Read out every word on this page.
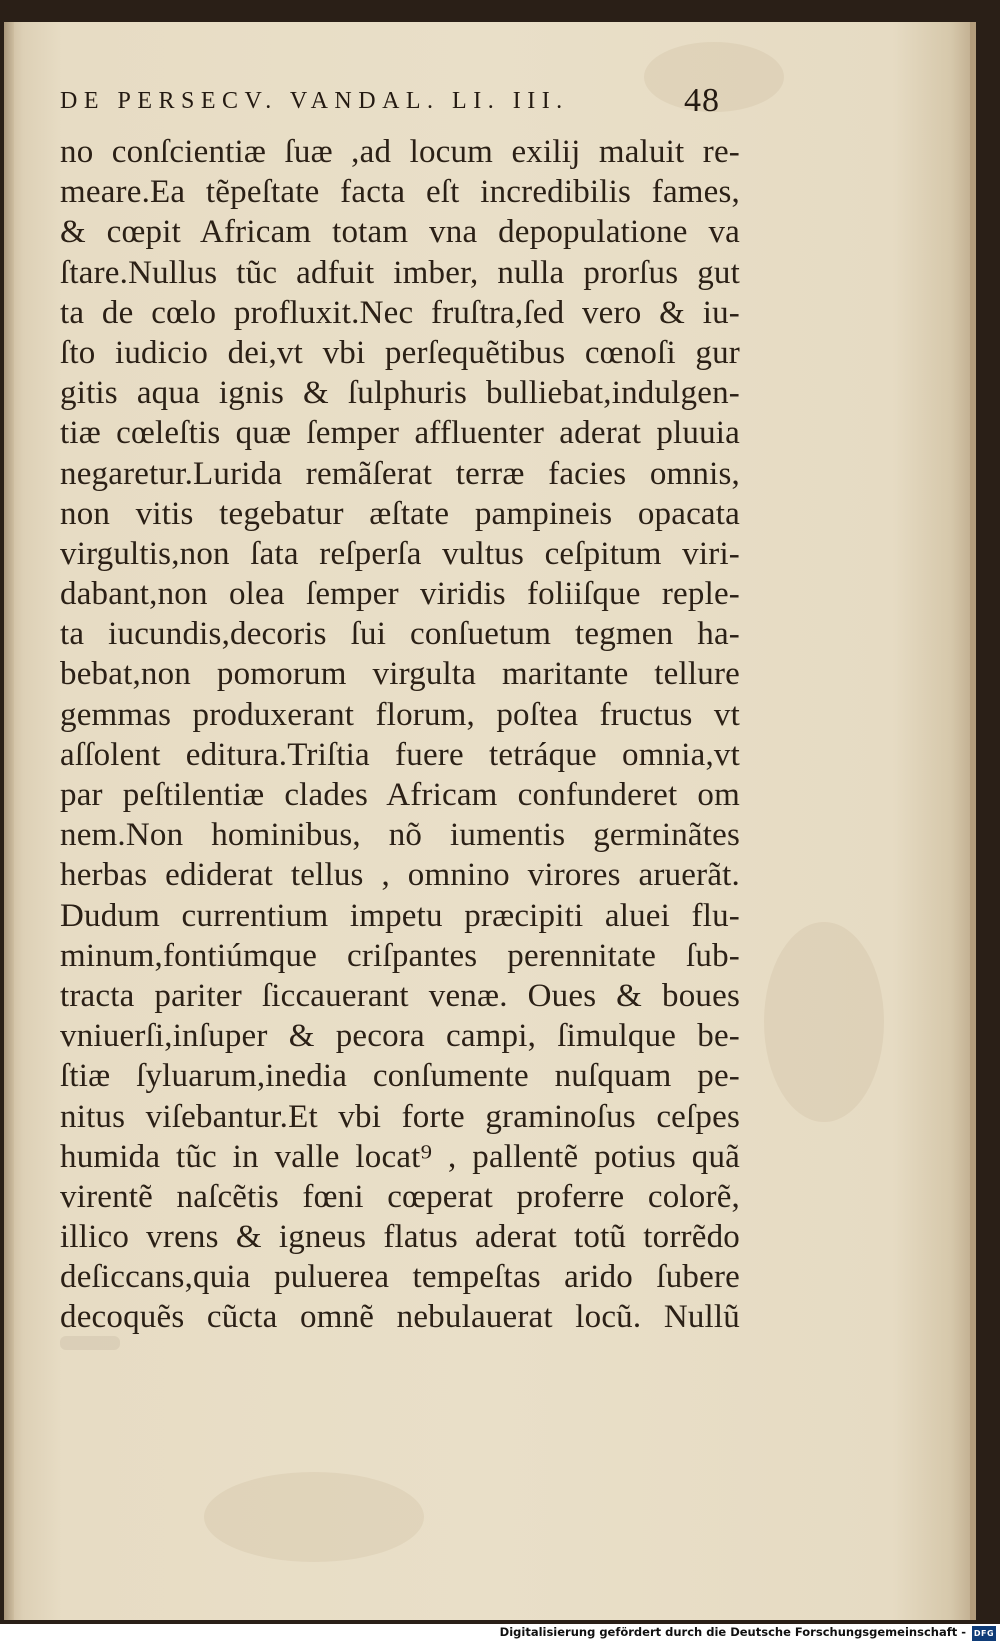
DE PERSECV. VANDAL. LI. III.	48
no conſcientiæ ſuæ ,ad locum exilij maluit re-
meare.Ea tẽpeſtate facta eſt incredibilis fames,
& cœpit Africam totam vna depopulatione va
ſtare.Nullus tũc adfuit imber, nulla prorſus gut
ta de cœlo profluxit.Nec fruſtra,ſed vero & iu-
ſto iudicio dei,vt vbi perſequẽtibus cœnoſi gur
gitis aqua ignis & ſulphuris bulliebat,indulgen-
tiæ cœleſtis quæ ſemper affluenter aderat pluuia
negaretur.Lurida remãſerat terræ facies omnis,
non vitis tegebatur æſtate pampineis opacata
virgultis,non ſata reſperſa vultus ceſpitum viri-
dabant,non olea ſemper viridis foliiſque reple-
ta iucundis,decoris ſui conſuetum tegmen ha-
bebat,non pomorum virgulta maritante tellure
gemmas produxerant florum, poſtea fructus vt
aſſolent editura.Triſtia fuere tetráque omnia,vt
par peſtilentiæ clades Africam confunderet om
nem.Non hominibus, nõ iumentis germinãtes
herbas ediderat tellus , omnino virores aruerãt.
Dudum currentium impetu præcipiti aluei flu-
minum,fontiúmque criſpantes perennitate ſub-
tracta pariter ſiccauerant venæ. Oues & boues
vniuerſi,inſuper & pecora campi, ſimulque be-
ſtiæ ſyluarum,inedia conſumente nuſquam pe-
nitus viſebantur.Et vbi forte graminoſus ceſpes
humida tũc in valle locat⁹ , pallentẽ potius quã
virentẽ naſcẽtis fœni cœperat proferre colorẽ,
illico vrens & igneus flatus aderat totũ torrẽdo
deſiccans,quia puluerea tempeſtas arido ſubere
decoquẽs cũcta omnẽ nebulauerat locũ. Nullũ
Digitalisierung gefördert durch die Deutsche Forschungsgemeinschaft - DFG
